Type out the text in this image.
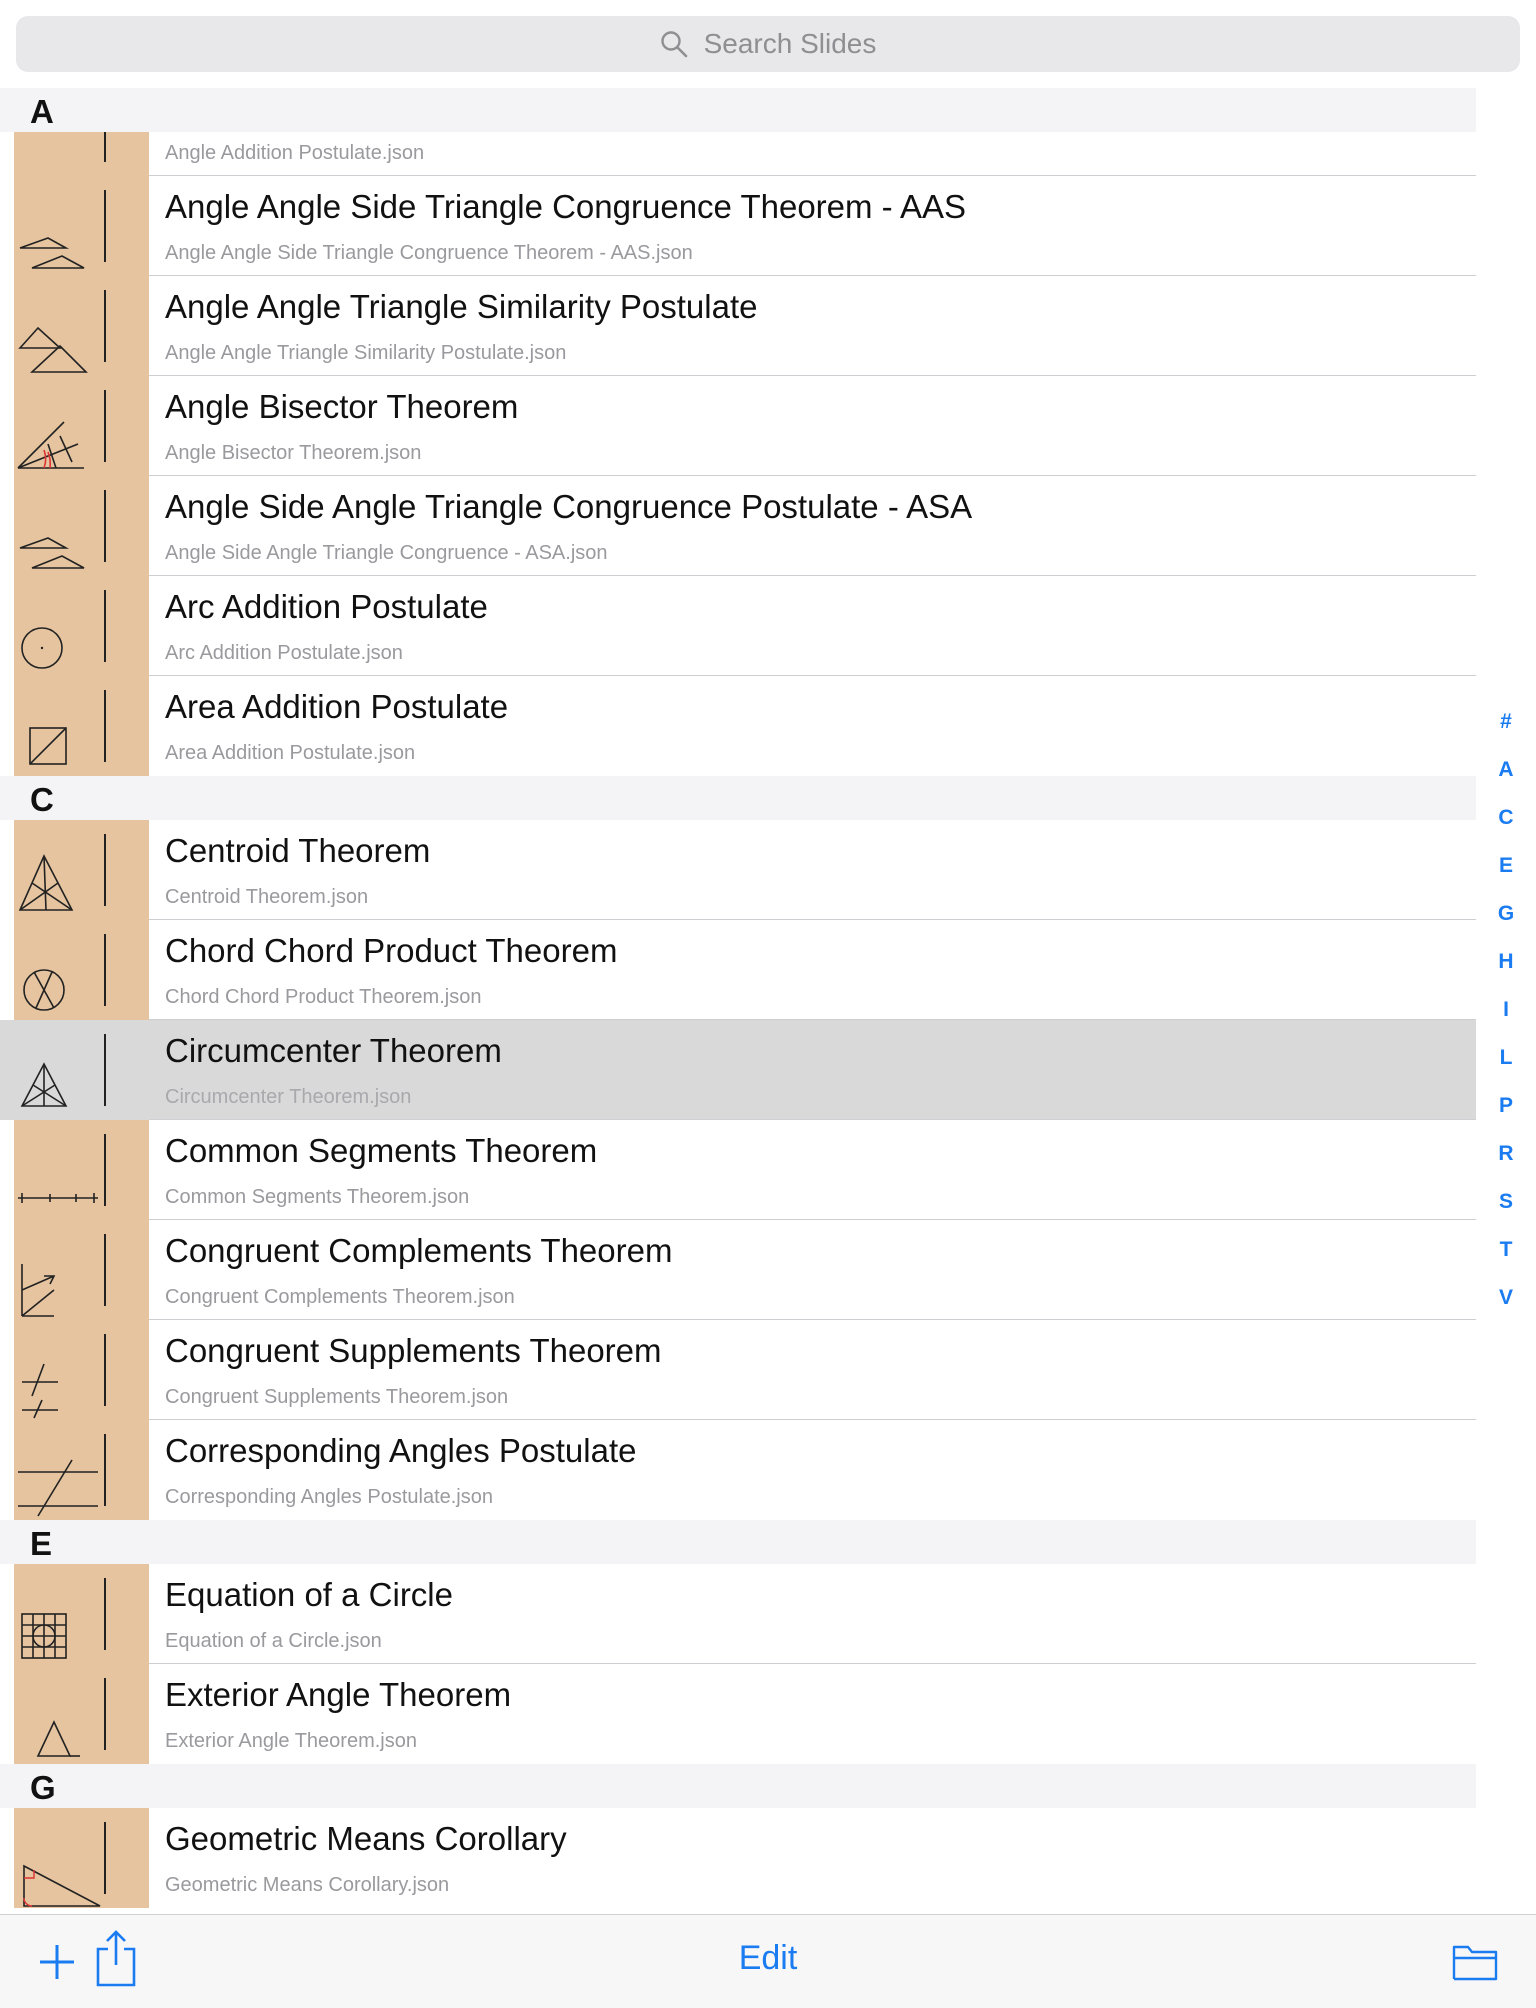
Search Slides
A
Angle Addition Postulate.json
Angle Angle Side Triangle Congruence Theorem - AAS
Angle Angle Side Triangle Congruence Theorem - AAS.json
Angle Angle Triangle Similarity Postulate
Angle Angle Triangle Similarity Postulate.json
Angle Bisector Theorem
Angle Bisector Theorem.json
Angle Side Angle Triangle Congruence Postulate - ASA
Angle Side Angle Triangle Congruence - ASA.json
Arc Addition Postulate
Arc Addition Postulate.json
Area Addition Postulate
Area Addition Postulate.json
C
Centroid Theorem
Centroid Theorem.json
Chord Chord Product Theorem
Chord Chord Product Theorem.json
Circumcenter Theorem
Circumcenter Theorem.json
Common Segments Theorem
Common Segments Theorem.json
Congruent Complements Theorem
Congruent Complements Theorem.json
Congruent Supplements Theorem
Congruent Supplements Theorem.json
Corresponding Angles Postulate
Corresponding Angles Postulate.json
E
Equation of a Circle
Equation of a Circle.json
Exterior Angle Theorem
Exterior Angle Theorem.json
G
Geometric Means Corollary
Geometric Means Corollary.json
#
A
C
E
G
H
I
L
P
R
S
T
V
Edit
